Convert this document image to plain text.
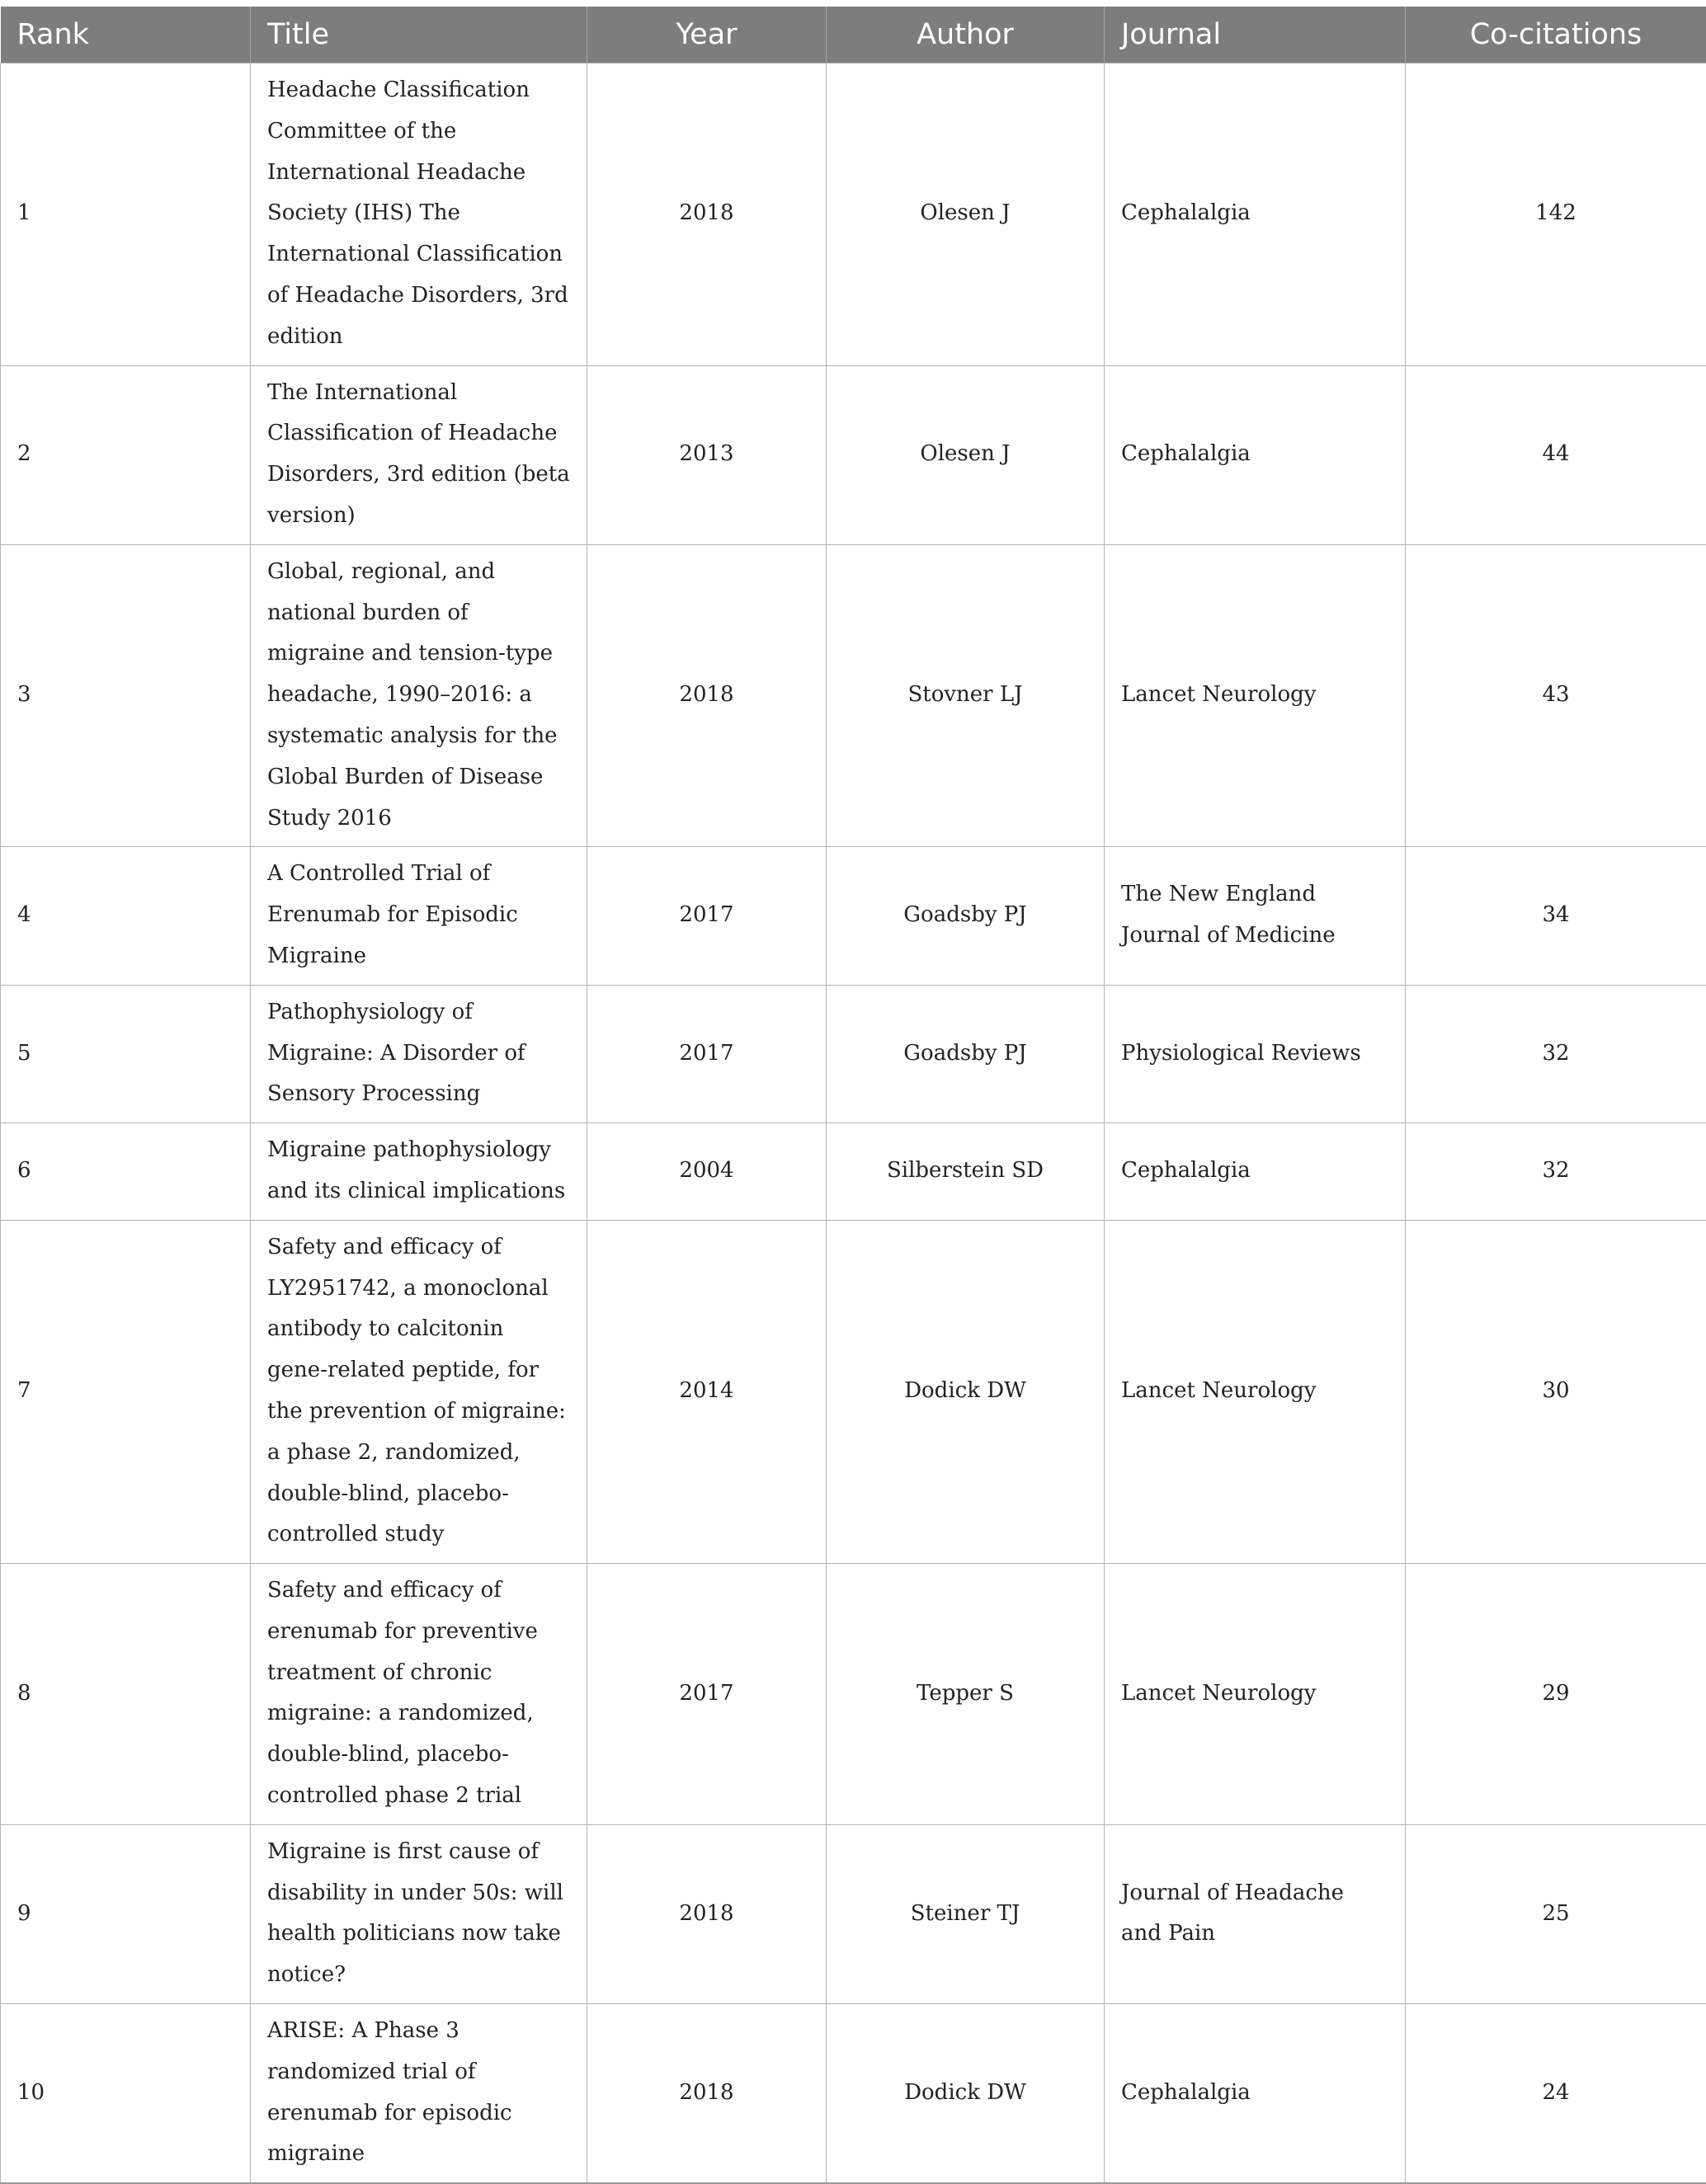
Rank	Title	Year	Author	Journal	Co-citations
1	Headache Classification Committee of the International Headache Society (IHS) The International Classification of Headache Disorders, 3rd edition	2018	Olesen J	Cephalalgia	142
2	The International Classification of Headache Disorders, 3rd edition (beta version)	2013	Olesen J	Cephalalgia	44
3	Global, regional, and national burden of migraine and tension-type headache, 1990–2016: a systematic analysis for the Global Burden of Disease Study 2016	2018	Stovner LJ	Lancet Neurology	43
4	A Controlled Trial of Erenumab for Episodic Migraine	2017	Goadsby PJ	The New England Journal of Medicine	34
5	Pathophysiology of Migraine: A Disorder of Sensory Processing	2017	Goadsby PJ	Physiological Reviews	32
6	Migraine pathophysiology and its clinical implications	2004	Silberstein SD	Cephalalgia	32
7	Safety and efficacy of LY2951742, a monoclonal antibody to calcitonin gene-related peptide, for the prevention of migraine: a phase 2, randomized, double-blind, placebo-controlled study	2014	Dodick DW	Lancet Neurology	30
8	Safety and efficacy of erenumab for preventive treatment of chronic migraine: a randomized, double-blind, placebo-controlled phase 2 trial	2017	Tepper S	Lancet Neurology	29
9	Migraine is first cause of disability in under 50s: will health politicians now take notice?	2018	Steiner TJ	Journal of Headache and Pain	25
10	ARISE: A Phase 3 randomized trial of erenumab for episodic migraine	2018	Dodick DW	Cephalalgia	24
